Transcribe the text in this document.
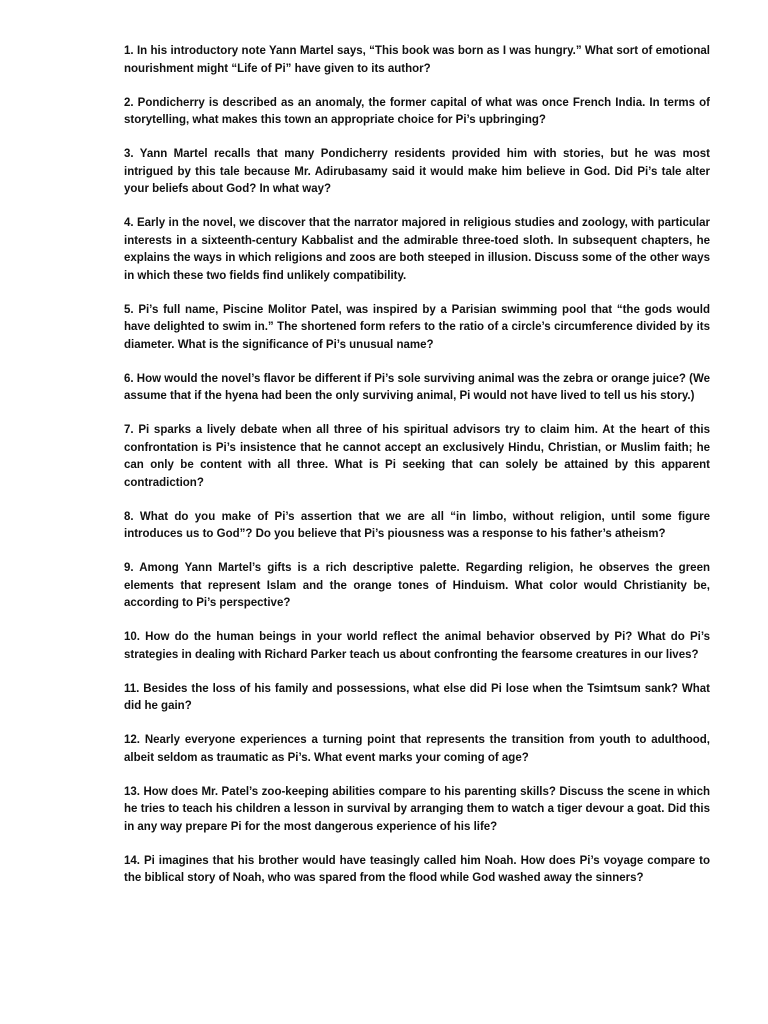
1. In his introductory note Yann Martel says, “This book was born as I was hungry.” What sort of emotional nourishment might “Life of Pi” have given to its author?

2. Pondicherry is described as an anomaly, the former capital of what was once French India. In terms of storytelling, what makes this town an appropriate choice for Pi’s upbringing?

3. Yann Martel recalls that many Pondicherry residents provided him with stories, but he was most intrigued by this tale because Mr. Adirubasamy said it would make him believe in God. Did Pi’s tale alter your beliefs about God? In what way?

4. Early in the novel, we discover that the narrator majored in religious studies and zoology, with particular interests in a sixteenth-century Kabbalist and the admirable three-toed sloth. In subsequent chapters, he explains the ways in which religions and zoos are both steeped in illusion. Discuss some of the other ways in which these two fields find unlikely compatibility.

5. Pi’s full name, Piscine Molitor Patel, was inspired by a Parisian swimming pool that “the gods would have delighted to swim in.” The shortened form refers to the ratio of a circle’s circumference divided by its diameter. What is the significance of Pi’s unusual name?

6. How would the novel’s flavor be different if Pi’s sole surviving animal was the zebra or orange juice? (We assume that if the hyena had been the only surviving animal, Pi would not have lived to tell us his story.)

7. Pi sparks a lively debate when all three of his spiritual advisors try to claim him. At the heart of this confrontation is Pi’s insistence that he cannot accept an exclusively Hindu, Christian, or Muslim faith; he can only be content with all three. What is Pi seeking that can solely be attained by this apparent contradiction?

8. What do you make of Pi’s assertion that we are all “in limbo, without religion, until some figure introduces us to God”? Do you believe that Pi’s piousness was a response to his father’s atheism?

9. Among Yann Martel’s gifts is a rich descriptive palette. Regarding religion, he observes the green elements that represent Islam and the orange tones of Hinduism. What color would Christianity be, according to Pi’s perspective?

10. How do the human beings in your world reflect the animal behavior observed by Pi? What do Pi’s strategies in dealing with Richard Parker teach us about confronting the fearsome creatures in our lives?

11. Besides the loss of his family and possessions, what else did Pi lose when the Tsimtsum sank? What did he gain?

12. Nearly everyone experiences a turning point that represents the transition from youth to adulthood, albeit seldom as traumatic as Pi’s. What event marks your coming of age?

13. How does Mr. Patel’s zoo-keeping abilities compare to his parenting skills? Discuss the scene in which he tries to teach his children a lesson in survival by arranging them to watch a tiger devour a goat. Did this in any way prepare Pi for the most dangerous experience of his life?

14. Pi imagines that his brother would have teasingly called him Noah. How does Pi’s voyage compare to the biblical story of Noah, who was spared from the flood while God washed away the sinners?
